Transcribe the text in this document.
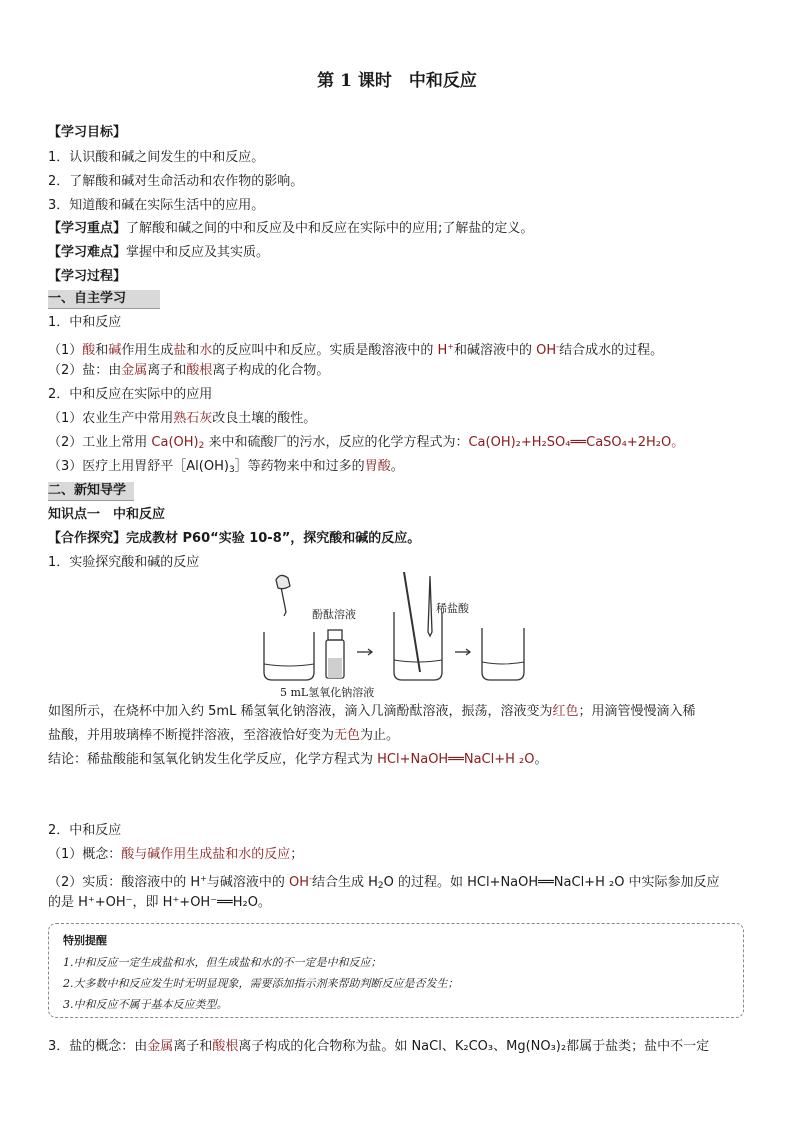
第 1 课时　中和反应
【学习目标】
1．认识酸和碱之间发生的中和反应。
2．了解酸和碱对生命活动和农作物的影响。
3．知道酸和碱在实际生活中的应用。
【学习重点】了解酸和碱之间的中和反应及中和反应在实际中的应用;了解盐的定义。
【学习难点】掌握中和反应及其实质。
【学习过程】
一、自主学习
1．中和反应
（1）酸和碱作用生成盐和水的反应叫中和反应。实质是酸溶液中的 H+和碱溶液中的 OH-结合成水的过程。
（2）盐：由金属离子和酸根离子构成的化合物。
2．中和反应在实际中的应用
（1）农业生产中常用熟石灰改良土壤的酸性。
（2）工业上常用 $Ca(OH)_2$ 来中和硫酸厂的污水，反应的化学方程式为：Ca(OH)₂+H₂SO₄══CaSO₄+2H₂O。
（3）医疗上用胃舒平$[Al(OH)_3]$等药物来中和过多的胃酸。
二、新知导学
知识点一　中和反应
【合作探究】完成教材 P60“实验 10-8”，探究酸和碱的反应。
1．实验探究酸和碱的反应
酚酞溶液	稀盐酸
5 mL氢氧化钠溶液
如图所示，在烧杯中加入约 5mL 稀氢氧化钠溶液，滴入几滴酚酞溶液，振荡，溶液变为红色；用滴管慢慢滴入稀
盐酸，并用玻璃棒不断搅拌溶液，至溶液恰好变为无色为止。
结论：稀盐酸能和氢氧化钠发生化学反应，化学方程式为 HCl+NaOH══NaCl+H ₂O。
2．中和反应
（1）概念：酸与碱作用生成盐和水的反应；
（2）实质：酸溶液中的 H+与碱溶液中的 OH-结合生成 $H_2O$ 的过程。如 HCl+NaOH══NaCl+H ₂O 中实际参加反应
的是 H⁺+OH⁻，即 H⁺+OH⁻══H₂O。
特别提醒
1.中和反应一定生成盐和水，但生成盐和水的不一定是中和反应；
2.大多数中和反应发生时无明显现象，需要添加指示剂来帮助判断反应是否发生；
3.中和反应不属于基本反应类型。
3．盐的概念：由金属离子和酸根离子构成的化合物称为盐。如 NaCl、K₂CO₃、Mg(NO₃)₂都属于盐类；盐中不一定
